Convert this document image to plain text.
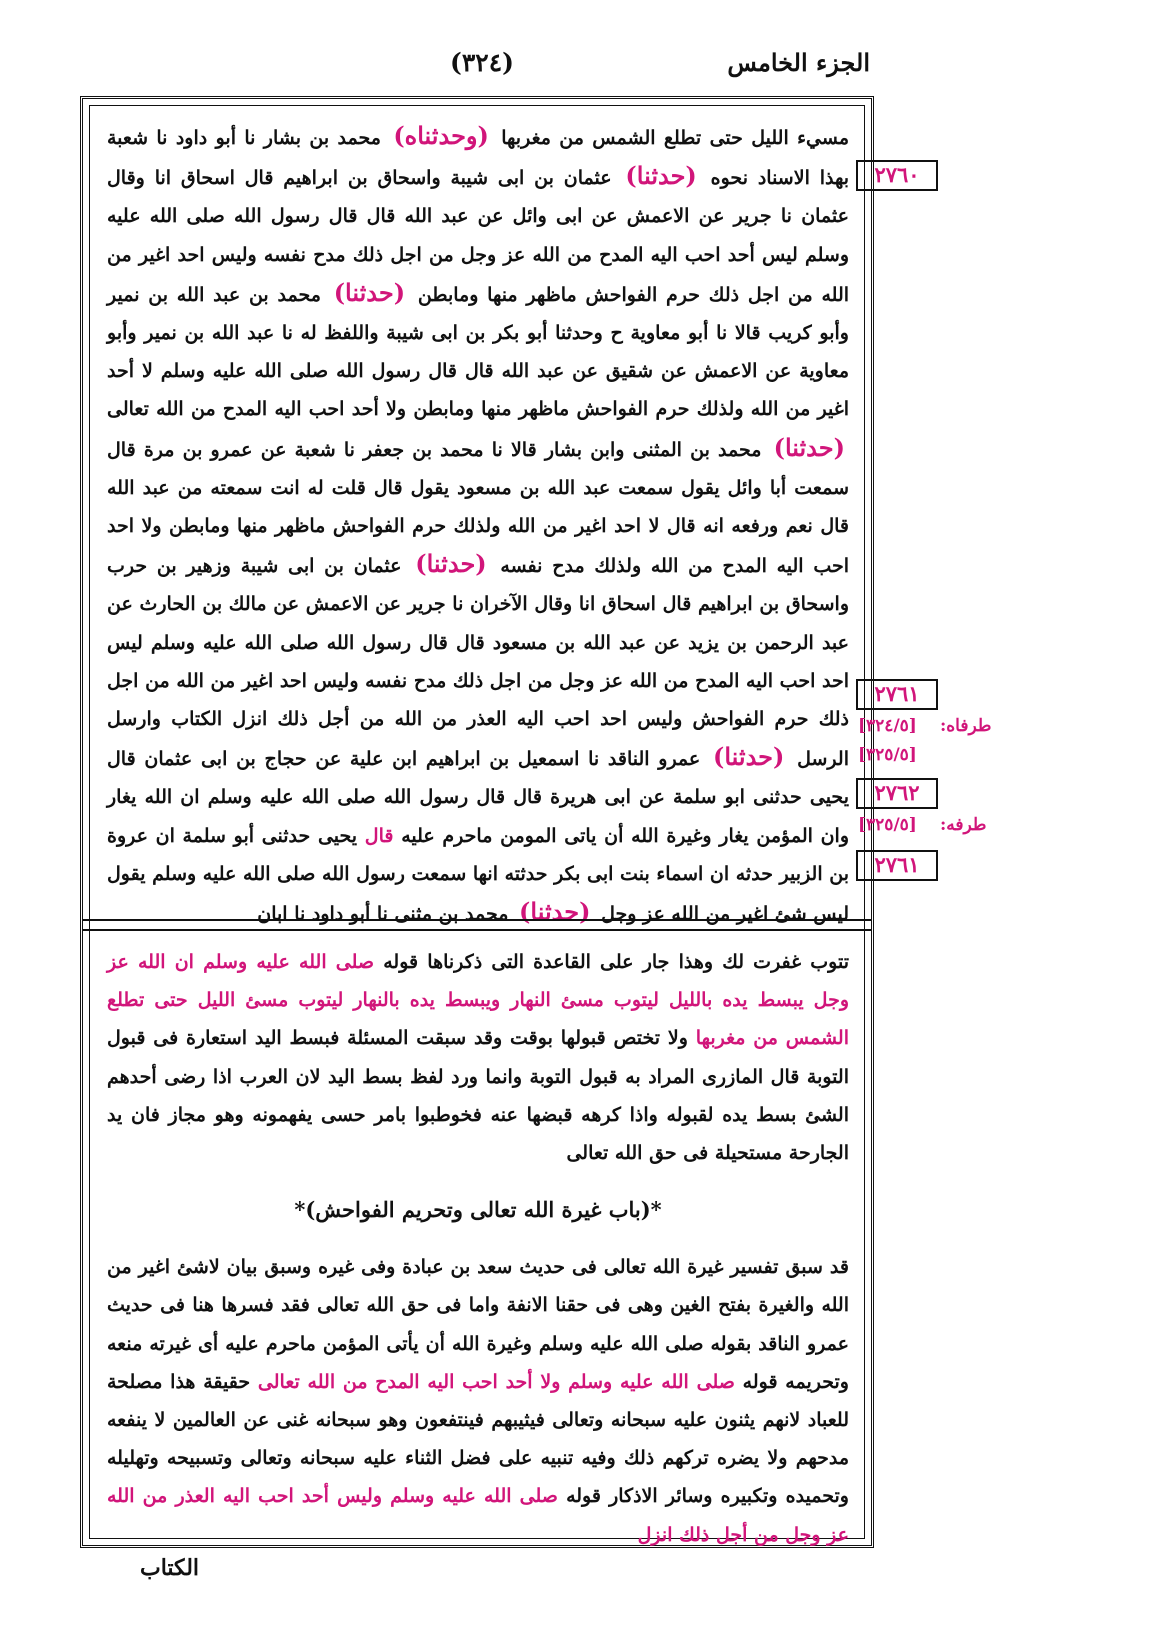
(٣٢٤)	الجزء الخامس
مسيء الليل حتى تطلع الشمس من مغربها (وحدثناه) محمد بن بشار نا أبو داود نا شعبة بهذا الاسناد نحوه (حدثنا) عثمان بن ابى شيبة واسحاق بن ابراهيم قال اسحاق انا وقال عثمان نا جرير عن الاعمش عن ابى وائل عن عبد الله قال قال رسول الله صلى الله عليه وسلم ليس أحد احب اليه المدح من الله عز وجل من اجل ذلك مدح نفسه وليس احد اغير من الله من اجل ذلك حرم الفواحش ماظهر منها ومابطن (حدثنا) محمد بن عبد الله بن نمير وأبو كريب قالا نا أبو معاوية ح وحدثنا أبو بكر بن ابى شيبة واللفظ له نا عبد الله بن نمير وأبو معاوية عن الاعمش عن شقيق عن عبد الله قال قال رسول الله صلى الله عليه وسلم لا أحد اغير من الله ولذلك حرم الفواحش ماظهر منها ومابطن ولا أحد احب اليه المدح من الله تعالى (حدثنا) محمد بن المثنى وابن بشار قالا نا محمد بن جعفر نا شعبة عن عمرو بن مرة قال سمعت أبا وائل يقول سمعت عبد الله بن مسعود يقول قال قلت له انت سمعته من عبد الله قال نعم ورفعه انه قال لا احد اغير من الله ولذلك حرم الفواحش ماظهر منها ومابطن ولا احد احب اليه المدح من الله ولذلك مدح نفسه (حدثنا) عثمان بن ابى شيبة وزهير بن حرب واسحاق بن ابراهيم قال اسحاق انا وقال الآخران نا جرير عن الاعمش عن مالك بن الحارث عن عبد الرحمن بن يزيد عن عبد الله بن مسعود قال قال رسول الله صلى الله عليه وسلم ليس احد احب اليه المدح من الله عز وجل من اجل ذلك مدح نفسه وليس احد اغير من الله من اجل ذلك حرم الفواحش وليس احد احب اليه العذر من الله من أجل ذلك انزل الكتاب وارسل الرسل (حدثنا) عمرو الناقد نا اسمعيل بن ابراهيم ابن علية عن حجاج بن ابى عثمان قال يحيى حدثنى ابو سلمة عن ابى هريرة قال قال رسول الله صلى الله عليه وسلم ان الله يغار وان المؤمن يغار وغيرة الله أن ياتى المومن ماحرم عليه قال يحيى حدثنى أبو سلمة ان عروة بن الزبير حدثه ان اسماء بنت ابى بكر حدثته انها سمعت رسول الله صلى الله عليه وسلم يقول ليس شئ اغير من الله عز وجل (حدثنا) محمد بن مثنى نا أبو داود نا ابان

تتوب غفرت لك وهذا جار على القاعدة التى ذكرناها قوله صلى الله عليه وسلم ان الله عز وجل يبسط يده بالليل ليتوب مسئ النهار ويبسط يده بالنهار ليتوب مسئ الليل حتى تطلع الشمس من مغربها ولا تختص قبولها بوقت وقد سبقت المسئلة فبسط اليد استعارة فى قبول التوبة قال المازرى المراد به قبول التوبة وانما ورد لفظ بسط اليد لان العرب اذا رضى أحدهم الشئ بسط يده لقبوله واذا كرهه قبضها عنه فخوطبوا بامر حسى يفهمونه وهو مجاز فان يد الجارحة مستحيلة فى حق الله تعالى

*(باب غيرة الله تعالى وتحريم الفواحش)*

قد سبق تفسير غيرة الله تعالى فى حديث سعد بن عبادة وفى غيره وسبق بيان لاشئ اغير من الله والغيرة بفتح الغين وهى فى حقنا الانفة واما فى حق الله تعالى فقد فسرها هنا فى حديث عمرو الناقد بقوله صلى الله عليه وسلم وغيرة الله أن يأتى المؤمن ماحرم عليه أى غيرته منعه وتحريمه قوله صلى الله عليه وسلم ولا أحد احب اليه المدح من الله تعالى حقيقة هذا مصلحة للعباد لانهم يثنون عليه سبحانه وتعالى فيثيبهم فينتفعون وهو سبحانه غنى عن العالمين لا ينفعه مدحهم ولا يضره تركهم ذلك وفيه تنبيه على فضل الثناء عليه سبحانه وتعالى وتسبيحه وتهليله وتحميده وتكبيره وسائر الاذكار قوله صلى الله عليه وسلم وليس أحد احب اليه العذر من الله عز وجل من أجل ذلك انزل

٢٧٦٠
٢٧٦١
طرفاه:
[٣٢٤/٥]
[٣٢٥/٥]
٢٧٦٢
طرفه:
[٣٢٥/٥]
٢٧٦١
الكتاب
